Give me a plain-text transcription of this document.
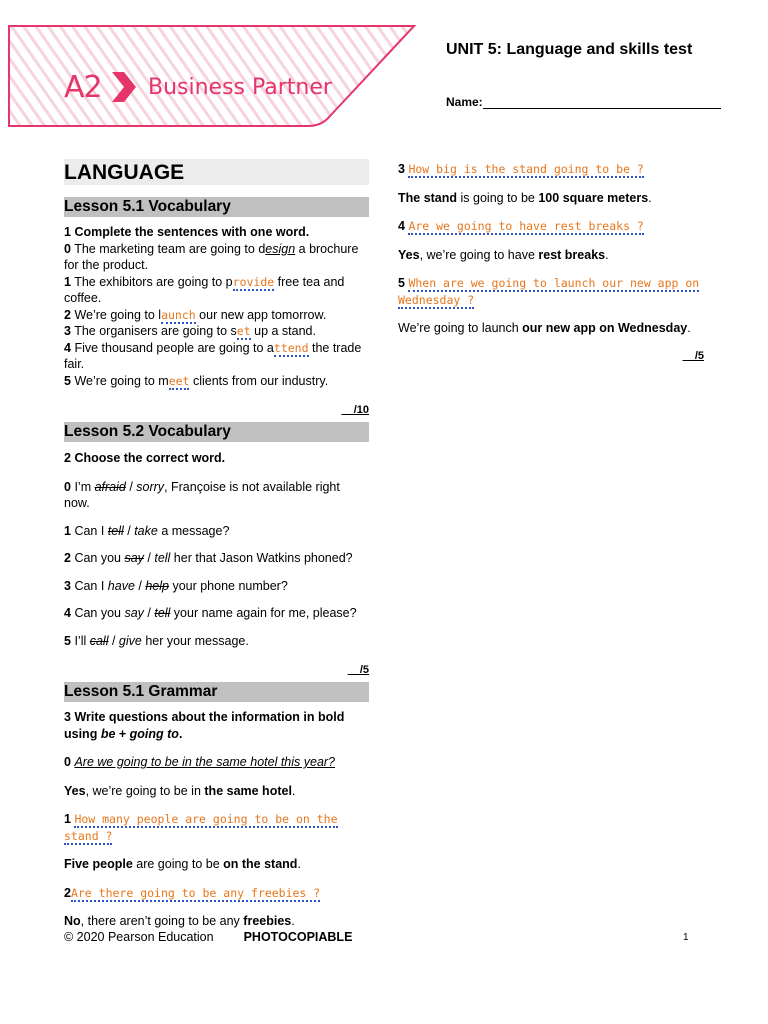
A2 Business Partner
UNIT 5: Language and skills test
Name:
LANGUAGE
Lesson 5.1 Vocabulary

1 Complete the sentences with one word.

0 The marketing team are going to design a brochure for the product.

1 The exhibitors are going to provide free tea and coffee.

2 We’re going to launch our new app tomorrow.

3 The organisers are going to set up a stand.

4 Five thousand people are going to attend the trade fair.

5 We’re going to meet clients from our industry.

__/10
Lesson 5.2 Vocabulary

2 Choose the correct word.

0 I’m afraid / sorry, Françoise is not available right now.

1 Can I tell / take a message?

2 Can you say / tell her that Jason Watkins phoned?

3 Can I have / help your phone number?

4 Can you say / tell your name again for me, please?

5 I’ll call / give her your message.

__/5
Lesson 5.1 Grammar

3 Write questions about the information in bold using be + going to.

0 Are we going to be in the same hotel this year?

Yes, we’re going to be in the same hotel.

1 How many people are going to be on the stand ?

Five people are going to be on the stand.

2Are there going to be any freebies ?

No, there aren’t going to be any freebies.

3 How big is the stand going to be ?

The stand is going to be 100 square meters.

4 Are we going to have rest breaks ?

Yes, we’re going to have rest breaks.

5 When are we going to launch our new app on Wednesday ?

We’re going to launch our new app on Wednesday.

__/5
© 2020 Pearson Education PHOTOCOPIABLE	1
